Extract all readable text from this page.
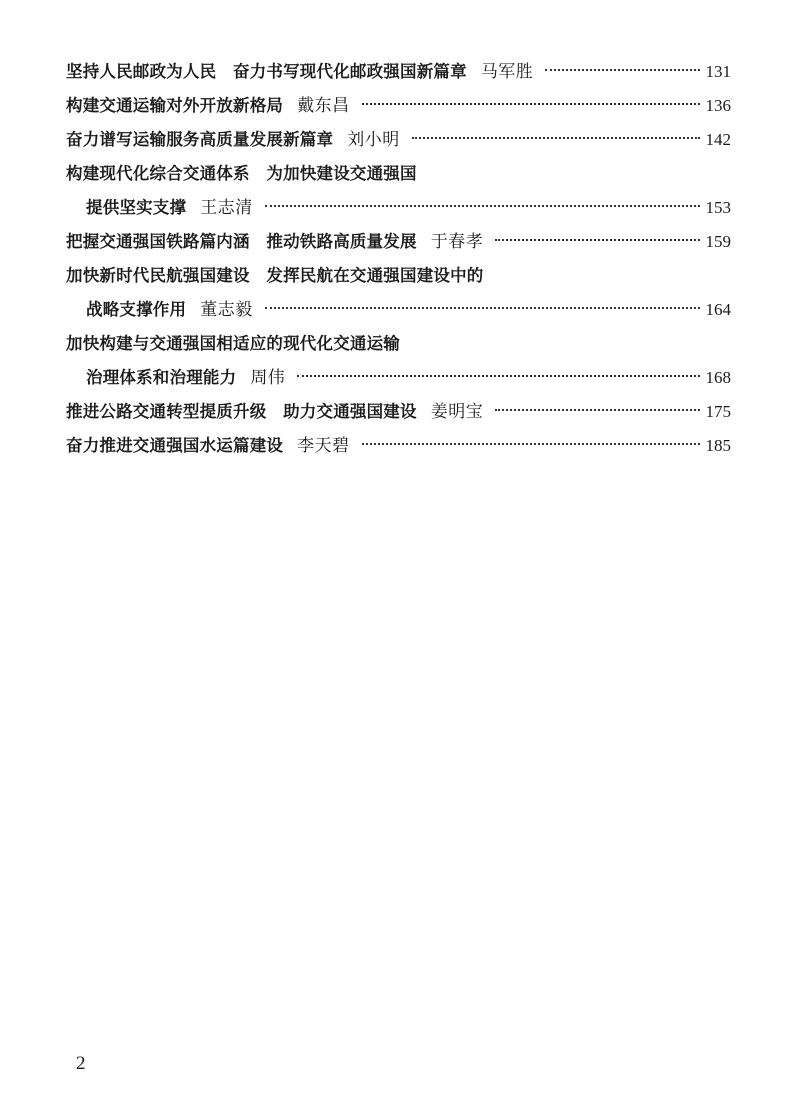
坚持人民邮政为人民　奋力书写现代化邮政强国新篇章 马军胜	131
构建交通运输对外开放新格局 戴东昌	136
奋力谱写运输服务高质量发展新篇章 刘小明	142
构建现代化综合交通体系　为加快建设交通强国
提供坚实支撑 王志清	153
把握交通强国铁路篇内涵　推动铁路高质量发展 于春孝	159
加快新时代民航强国建设　发挥民航在交通强国建设中的
战略支撑作用 董志毅	164
加快构建与交通强国相适应的现代化交通运输
治理体系和治理能力 周伟	168
推进公路交通转型提质升级　助力交通强国建设 姜明宝	175
奋力推进交通强国水运篇建设 李天碧	185
2
